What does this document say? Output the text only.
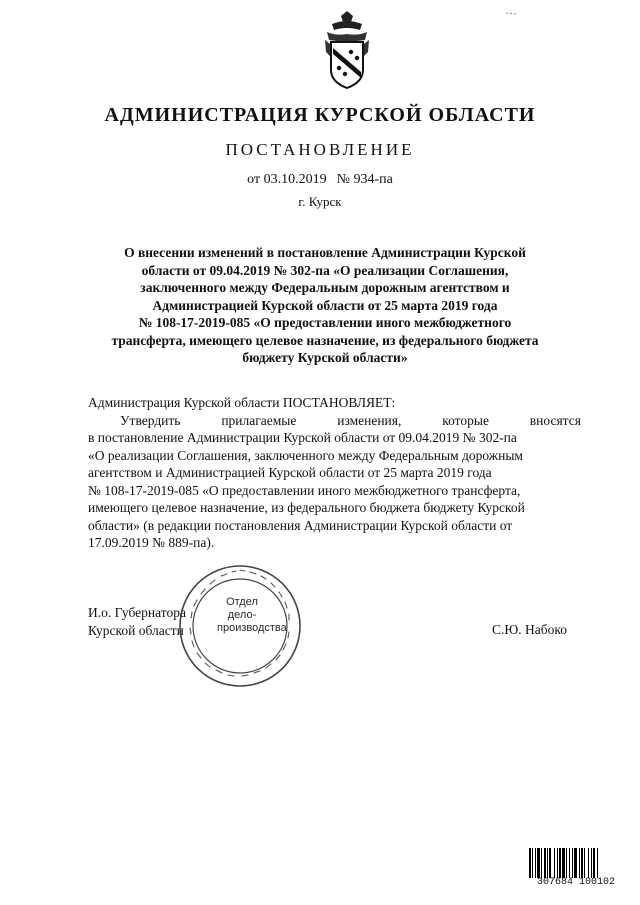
АДМИНИСТРАЦИЯ КУРСКОЙ ОБЛАСТИ
ПОСТАНОВЛЕНИЕ
от 03.10.2019 № 934-па
г. Курск
О внесении изменений в постановление Администрации Курской
области от 09.04.2019 № 302-па «О реализации Соглашения,
заключенного между Федеральным дорожным агентством и
Администрацией Курской области от 25 марта 2019 года
№ 108-17-2019-085 «О предоставлении иного межбюджетного
трансферта, имеющего целевое назначение, из федерального бюджета
бюджету Курской области»
Администрация Курской области ПОСТАНОВЛЯЕТ:
Утвердить	прилагаемые	изменения,	которые	вносятся
в постановление Администрации Курской области от 09.04.2019 № 302-па
«О реализации Соглашения, заключенного между Федеральным дорожным
агентством и Администрацией Курской области от 25 марта 2019 года
№ 108-17-2019-085 «О предоставлении иного межбюджетного трансферта,
имеющего целевое назначение, из федерального бюджета бюджету Курской
области» (в редакции постановления Администрации Курской области от
17.09.2019 № 889-па).
Отдел
дело-
производства
И.о. Губернатора
Курской области	С.Ю. Набоко
307684 100102
